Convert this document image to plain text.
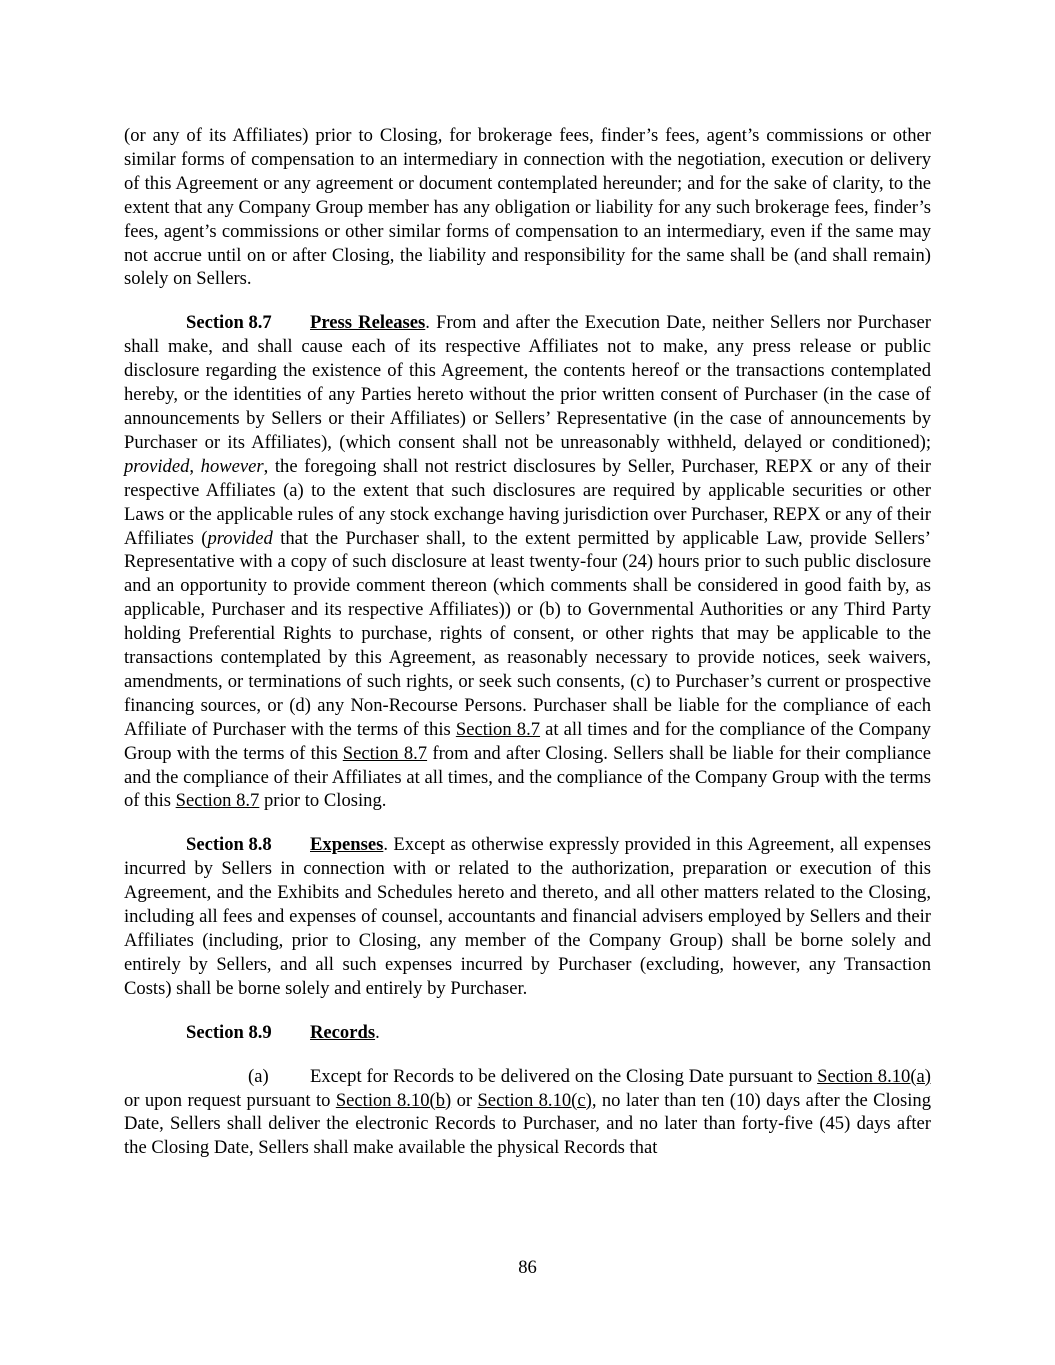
(or any of its Affiliates) prior to Closing, for brokerage fees, finder’s fees, agent’s commissions or other similar forms of compensation to an intermediary in connection with the negotiation, execution or delivery of this Agreement or any agreement or document contemplated hereunder; and for the sake of clarity, to the extent that any Company Group member has any obligation or liability for any such brokerage fees, finder’s fees, agent’s commissions or other similar forms of compensation to an intermediary, even if the same may not accrue until on or after Closing, the liability and responsibility for the same shall be (and shall remain) solely on Sellers.

Section 8.7 Press Releases. From and after the Execution Date, neither Sellers nor Purchaser shall make, and shall cause each of its respective Affiliates not to make, any press release or public disclosure regarding the existence of this Agreement, the contents hereof or the transactions contemplated hereby, or the identities of any Parties hereto without the prior written consent of Purchaser (in the case of announcements by Sellers or their Affiliates) or Sellers’ Representative (in the case of announcements by Purchaser or its Affiliates), (which consent shall not be unreasonably withheld, delayed or conditioned); provided, however, the foregoing shall not restrict disclosures by Seller, Purchaser, REPX or any of their respective Affiliates (a) to the extent that such disclosures are required by applicable securities or other Laws or the applicable rules of any stock exchange having jurisdiction over Purchaser, REPX or any of their Affiliates (provided that the Purchaser shall, to the extent permitted by applicable Law, provide Sellers’ Representative with a copy of such disclosure at least twenty-four (24) hours prior to such public disclosure and an opportunity to provide comment thereon (which comments shall be considered in good faith by, as applicable, Purchaser and its respective Affiliates)) or (b) to Governmental Authorities or any Third Party holding Preferential Rights to purchase, rights of consent, or other rights that may be applicable to the transactions contemplated by this Agreement, as reasonably necessary to provide notices, seek waivers, amendments, or terminations of such rights, or seek such consents, (c) to Purchaser’s current or prospective financing sources, or (d) any Non-Recourse Persons. Purchaser shall be liable for the compliance of each Affiliate of Purchaser with the terms of this Section 8.7 at all times and for the compliance of the Company Group with the terms of this Section 8.7 from and after Closing. Sellers shall be liable for their compliance and the compliance of their Affiliates at all times, and the compliance of the Company Group with the terms of this Section 8.7 prior to Closing.

Section 8.8 Expenses. Except as otherwise expressly provided in this Agreement, all expenses incurred by Sellers in connection with or related to the authorization, preparation or execution of this Agreement, and the Exhibits and Schedules hereto and thereto, and all other matters related to the Closing, including all fees and expenses of counsel, accountants and financial advisers employed by Sellers and their Affiliates (including, prior to Closing, any member of the Company Group) shall be borne solely and entirely by Sellers, and all such expenses incurred by Purchaser (excluding, however, any Transaction Costs) shall be borne solely and entirely by Purchaser.

Section 8.9 Records.

(a) Except for Records to be delivered on the Closing Date pursuant to Section 8.10(a) or upon request pursuant to Section 8.10(b) or Section 8.10(c), no later than ten (10) days after the Closing Date, Sellers shall deliver the electronic Records to Purchaser, and no later than forty-five (45) days after the Closing Date, Sellers shall make available the physical Records that

86
